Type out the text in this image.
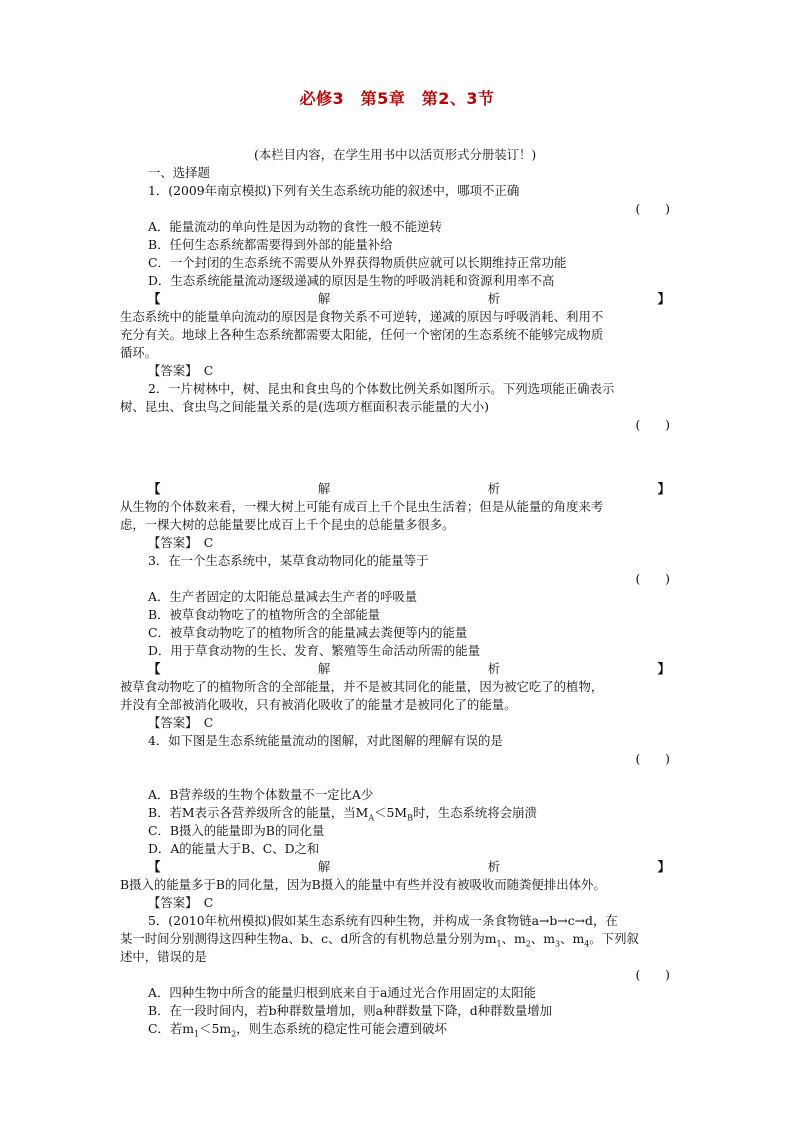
必修3　第5章　第2、3节
(本栏目内容，在学生用书中以活页形式分册装订！)
一、选择题
1．(2009年南京模拟)下列有关生态系统功能的叙述中，哪项不正确
(　　)
A．能量流动的单向性是因为动物的食性一般不能逆转
B．任何生态系统都需要得到外部的能量补给
C．一个封闭的生态系统不需要从外界获得物质供应就可以长期维持正常功能
D．生态系统能量流动逐级递减的原因是生物的呼吸消耗和资源利用率不高
【	解	析	】
生态系统中的能量单向流动的原因是食物关系不可逆转，递减的原因与呼吸消耗、利用不
充分有关。地球上各种生态系统都需要太阳能，任何一个密闭的生态系统不能够完成物质
循环。
【答案】　C
2．一片树林中，树、昆虫和食虫鸟的个体数比例关系如图所示。下列选项能正确表示
树、昆虫、食虫鸟之间能量关系的是(选项方框面积表示能量的大小)
(　　)
【	解	析	】
从生物的个体数来看，一棵大树上可能有成百上千个昆虫生活着；但是从能量的角度来考
虑，一棵大树的总能量要比成百上千个昆虫的总能量多很多。
【答案】　C
3．在一个生态系统中，某草食动物同化的能量等于
(　　)
A．生产者固定的太阳能总量减去生产者的呼吸量
B．被草食动物吃了的植物所含的全部能量
C．被草食动物吃了的植物所含的能量减去粪便等内的能量
D．用于草食动物的生长、发育、繁殖等生命活动所需的能量
【	解	析	】
被草食动物吃了的植物所含的全部能量，并不是被其同化的能量，因为被它吃了的植物，
并没有全部被消化吸收，只有被消化吸收了的能量才是被同化了的能量。
【答案】　C
4．如下图是生态系统能量流动的图解，对此图解的理解有误的是
(　　)
A．B营养级的生物个体数量不一定比A少
B．若M表示各营养级所含的能量，当$M_A<5M_B$时，生态系统将会崩溃
C．B摄入的能量即为B的同化量
D．A的能量大于B、C、D之和
【	解	析	】
B摄入的能量多于B的同化量，因为B摄入的能量中有些并没有被吸收而随粪便排出体外。
【答案】　C
5．(2010年杭州模拟)假如某生态系统有四种生物，并构成一条食物链a→b→c→d，在
某一时间分别测得这四种生物a、b、c、d所含的有机物总量分别为$m_1$、$m_2$、$m_3$、$m_4$。下列叙
述中，错误的是
(　　)
A．四种生物中所含的能量归根到底来自于a通过光合作用固定的太阳能
B．在一段时间内，若b种群数量增加，则a种群数量下降，d种群数量增加
C．若$m_1<5m_2$，则生态系统的稳定性可能会遭到破坏
